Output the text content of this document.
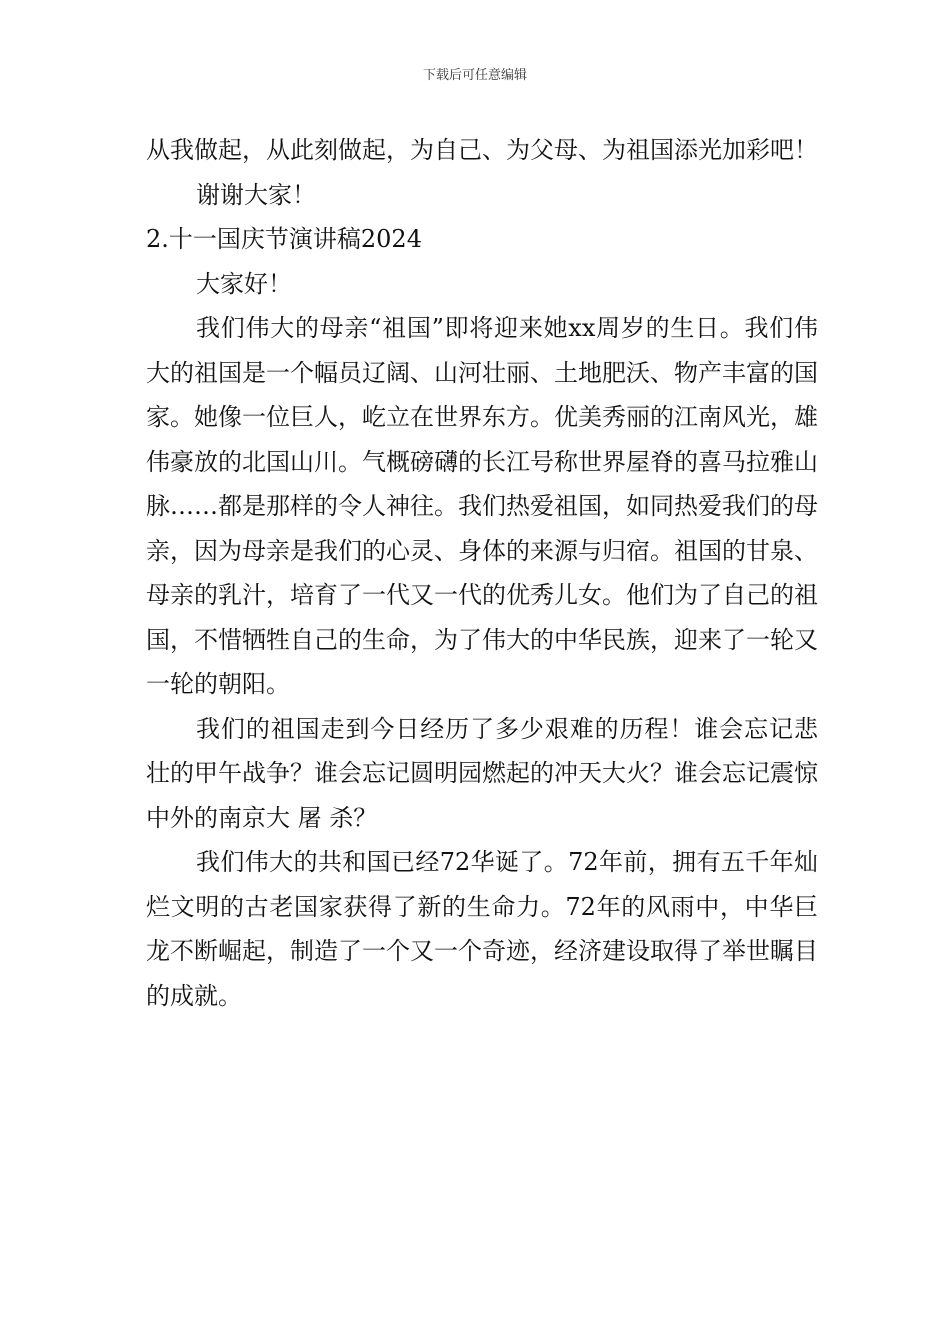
下载后可任意编辑

从我做起，从此刻做起，为自己、为父母、为祖国添光加彩吧！

谢谢大家！

2.十一国庆节演讲稿2024

大家好！

我们伟大的母亲“祖国”即将迎来她xx周岁的生日。我们伟大的祖国是一个幅员辽阔、山河壮丽、土地肥沃、物产丰富的国家。她像一位巨人，屹立在世界东方。优美秀丽的江南风光，雄伟豪放的北国山川。气概磅礴的长江号称世界屋脊的喜马拉雅山脉……都是那样的令人神往。我们热爱祖国，如同热爱我们的母亲，因为母亲是我们的心灵、身体的来源与归宿。祖国的甘泉、母亲的乳汁，培育了一代又一代的优秀儿女。他们为了自己的祖国，不惜牺牲自己的生命，为了伟大的中华民族，迎来了一轮又一轮的朝阳。

我们的祖国走到今日经历了多少艰难的历程！谁会忘记悲壮的甲午战争？谁会忘记圆明园燃起的冲天大火？谁会忘记震惊中外的南京大 屠 杀？

我们伟大的共和国已经72华诞了。72年前，拥有五千年灿烂文明的古老国家获得了新的生命力。72年的风雨中，中华巨龙不断崛起，制造了一个又一个奇迹，经济建设取得了举世瞩目的成就。
